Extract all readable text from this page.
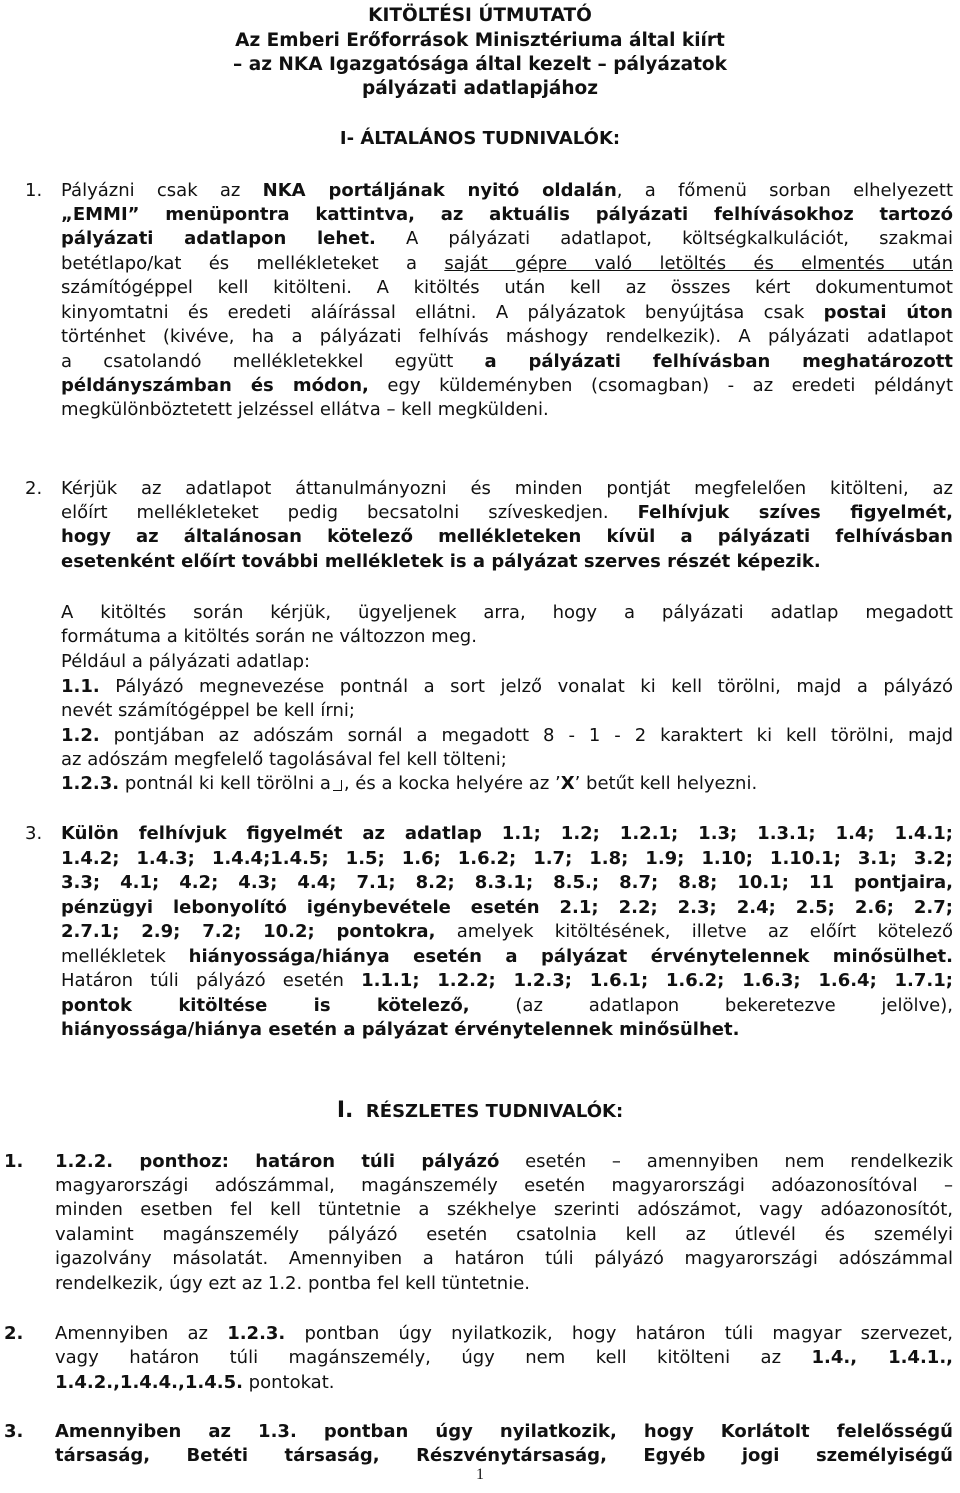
KITÖLTÉSI ÚTMUTATÓ
Az Emberi Erőforrások Minisztériuma által kiírt
– az NKA Igazgatósága által kezelt – pályázatok
pályázati adatlapjához
I- ÁLTALÁNOS TUDNIVALÓK:
1. Pályázni csak az NKA portáljának nyitó oldalán, a főmenü sorban elhelyezett
„EMMI” menüpontra kattintva, az aktuális pályázati felhívásokhoz tartozó
pályázati adatlapon lehet. A pályázati adatlapot, költségkalkulációt, szakmai
betétlapo/kat és mellékleteket a saját gépre való letöltés és elmentés után
számítógéppel kell kitölteni. A kitöltés után kell az összes kért dokumentumot
kinyomtatni és eredeti aláírással ellátni. A pályázatok benyújtása csak postai úton
történhet (kivéve, ha a pályázati felhívás máshogy rendelkezik). A pályázati adatlapot
a csatolandó mellékletekkel együtt a pályázati felhívásban meghatározott
példányszámban és módon, egy küldeményben (csomagban) - az eredeti példányt
megkülönböztetett jelzéssel ellátva – kell megküldeni.
2. Kérjük az adatlapot áttanulmányozni és minden pontját megfelelően kitölteni, az
előírt mellékleteket pedig becsatolni szíveskedjen. Felhívjuk szíves figyelmét,
hogy az általánosan kötelező mellékleteken kívül a pályázati felhívásban
esetenként előírt további mellékletek is a pályázat szerves részét képezik.
A kitöltés során kérjük, ügyeljenek arra, hogy a pályázati adatlap megadott
formátuma a kitöltés során ne változzon meg.
Például a pályázati adatlap:
1.1. Pályázó megnevezése pontnál a sort jelző vonalat ki kell törölni, majd a pályázó
nevét számítógéppel be kell írni;
1.2. pontjában az adószám sornál a megadott 8 - 1 - 2 karaktert ki kell törölni, majd
az adószám megfelelő tagolásával fel kell tölteni;
1.2.3. pontnál ki kell törölni a , és a kocka helyére az ’X’ betűt kell helyezni.
3. Külön felhívjuk figyelmét az adatlap 1.1; 1.2; 1.2.1; 1.3; 1.3.1; 1.4; 1.4.1;
1.4.2; 1.4.3; 1.4.4;1.4.5; 1.5; 1.6; 1.6.2; 1.7; 1.8; 1.9; 1.10; 1.10.1; 3.1; 3.2;
3.3; 4.1; 4.2; 4.3; 4.4; 7.1; 8.2; 8.3.1; 8.5.; 8.7; 8.8; 10.1; 11 pontjaira,
pénzügyi lebonyolító igénybevétele esetén 2.1; 2.2; 2.3; 2.4; 2.5; 2.6; 2.7;
2.7.1; 2.9; 7.2; 10.2; pontokra, amelyek kitöltésének, illetve az előírt kötelező
mellékletek hiányossága/hiánya esetén a pályázat érvénytelennek minősülhet.
Határon túli pályázó esetén 1.1.1; 1.2.2; 1.2.3; 1.6.1; 1.6.2; 1.6.3; 1.6.4; 1.7.1;
pontok kitöltése is kötelező, (az adatlapon bekeretezve jelölve),
hiányossága/hiánya esetén a pályázat érvénytelennek minősülhet.
I. RÉSZLETES TUDNIVALÓK:
1. 1.2.2. ponthoz: határon túli pályázó esetén – amennyiben nem rendelkezik
magyarországi adószámmal, magánszemély esetén magyarországi adóazonosítóval –
minden esetben fel kell tüntetnie a székhelye szerinti adószámot, vagy adóazonosítót,
valamint magánszemély pályázó esetén csatolnia kell az útlevél és személyi
igazolvány másolatát. Amennyiben a határon túli pályázó magyarországi adószámmal
rendelkezik, úgy ezt az 1.2. pontba fel kell tüntetnie.
2. Amennyiben az 1.2.3. pontban úgy nyilatkozik, hogy határon túli magyar szervezet,
vagy határon túli magánszemély, úgy nem kell kitölteni az 1.4., 1.4.1.,
1.4.2.,1.4.4.,1.4.5. pontokat.
3. Amennyiben az 1.3. pontban úgy nyilatkozik, hogy Korlátolt felelősségű
társaság, Betéti társaság, Részvénytársaság, Egyéb jogi személyiségű
1
